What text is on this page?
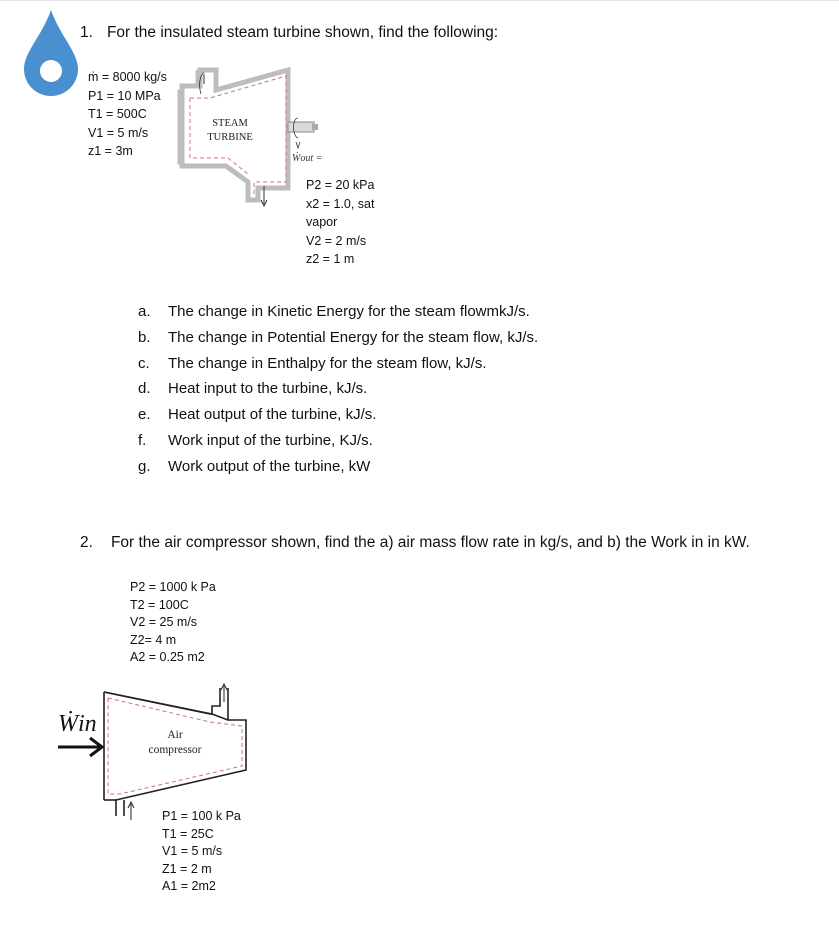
1. For the insulated steam turbine shown, find the following:
ṁ = 8000 kg/s
P1 = 10 MPa
T1 = 500C
V1 = 5 m/s
z1 = 3m
STEAM
TURBINE
Ẇout =
P2 = 20 kPa
x2 = 1.0, sat
vapor
V2 = 2 m/s
z2 = 1 m
a. The change in Kinetic Energy for the steam flowmkJ/s.
b. The change in Potential Energy for the steam flow, kJ/s.
c. The change in Enthalpy for the steam flow, kJ/s.
d. Heat input to the turbine, kJ/s.
e. Heat output of the turbine, kJ/s.
f. Work input of the turbine, KJ/s.
g. Work output of the turbine, kW
2. For the air compressor shown, find the a) air mass flow rate in kg/s, and b) the Work in in kW.
P2 = 1000 k Pa
T2 = 100C
V2 = 25 m/s
Z2= 4 m
A2 = 0.25 m2
Ẇin	Air
compressor
P1 = 100 k Pa
T1 = 25C
V1 = 5 m/s
Z1 = 2 m
A1 = 2m2
